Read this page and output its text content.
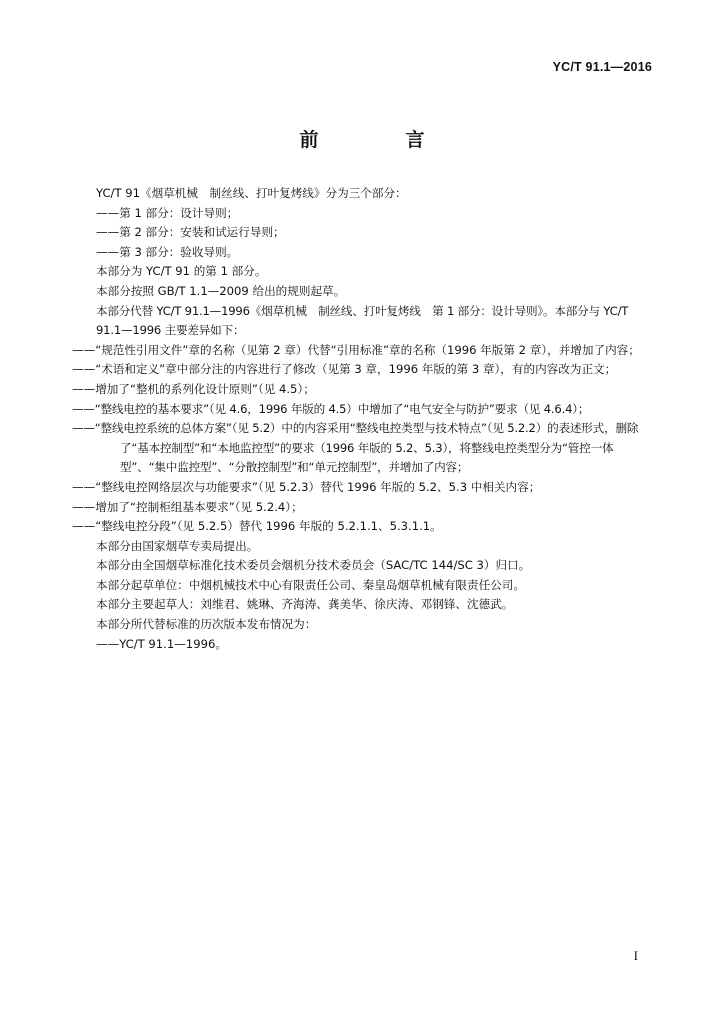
YC/T 91.1—2016
前　言

YC/T 91《烟草机械　制丝线、打叶复烤线》分为三个部分：

——第 1 部分：设计导则；

——第 2 部分：安装和试运行导则；

——第 3 部分：验收导则。

本部分为 YC/T 91 的第 1 部分。

本部分按照 GB/T 1.1—2009 给出的规则起草。

本部分代替 YC/T 91.1—1996《烟草机械　制丝线、打叶复烤线　第 1 部分：设计导则》。本部分与 YC/T 91.1—1996 主要差异如下：

——“规范性引用文件”章的名称（见第 2 章）代替“引用标准”章的名称（1996 年版第 2 章），并增加了内容；

——“术语和定义”章中部分注的内容进行了修改（见第 3 章，1996 年版的第 3 章），有的内容改为正文；

——增加了“整机的系列化设计原则”（见 4.5）；

——“整线电控的基本要求”（见 4.6，1996 年版的 4.5）中增加了“电气安全与防护”要求（见 4.6.4）；

——“整线电控系统的总体方案”（见 5.2）中的内容采用“整线电控类型与技术特点”（见 5.2.2）的表述形式，删除了“基本控制型”和“本地监控型”的要求（1996 年版的 5.2、5.3），将整线电控类型分为“管控一体型”、“集中监控型”、“分散控制型”和“单元控制型”，并增加了内容；

——“整线电控网络层次与功能要求”（见 5.2.3）替代 1996 年版的 5.2、5.3 中相关内容；

——增加了“控制柜组基本要求”（见 5.2.4）；

——“整线电控分段”（见 5.2.5）替代 1996 年版的 5.2.1.1、5.3.1.1。

本部分由国家烟草专卖局提出。

本部分由全国烟草标准化技术委员会烟机分技术委员会（SAC/TC 144/SC 3）归口。

本部分起草单位：中烟机械技术中心有限责任公司、秦皇岛烟草机械有限责任公司。

本部分主要起草人：刘维君、姚琳、齐海涛、龚美华、徐庆涛、邓钢锋、沈德武。

本部分所代替标准的历次版本发布情况为：

——YC/T 91.1—1996。

I
